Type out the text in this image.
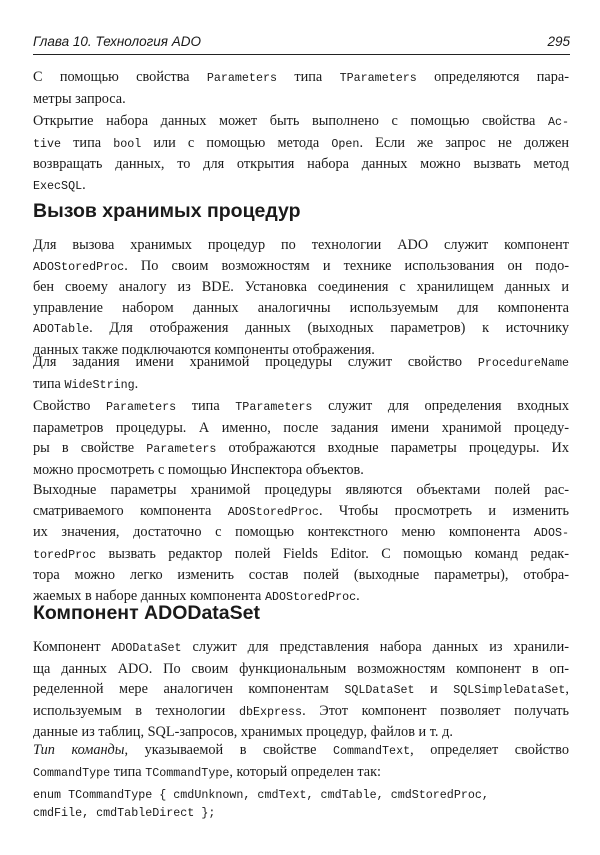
Глава 10. Технология ADO	295
С помощью свойства Parameters типа TParameters определяются пара-
метры запроса.
Открытие набора данных может быть выполнено с помощью свойства Ac-
tive типа bool или с помощью метода Open. Если же запрос не должен
возвращать данных, то для открытия набора данных можно вызвать метод
ExecSQL.
Вызов хранимых процедур
Для вызова хранимых процедур по технологии ADO служит компонент
ADOStoredProc. По своим возможностям и технике использования он подо-
бен своему аналогу из BDE. Установка соединения с хранилищем данных и
управление набором данных аналогичны используемым для компонента
ADOTable. Для отображения данных (выходных параметров) к источнику
данных также подключаются компоненты отображения.
Для задания имени хранимой процедуры служит свойство ProcedureName
типа WideString.
Свойство Parameters типа TParameters служит для определения входных
параметров процедуры. А именно, после задания имени хранимой процеду-
ры в свойстве Parameters отображаются входные параметры процедуры. Их
можно просмотреть с помощью Инспектора объектов.
Выходные параметры хранимой процедуры являются объектами полей рас-
сматриваемого компонента ADOStoredProc. Чтобы просмотреть и изменить
их значения, достаточно с помощью контекстного меню компонента ADOS-
toredProc вызвать редактор полей Fields Editor. С помощью команд редак-
тора можно легко изменить состав полей (выходные параметры), отобра-
жаемых в наборе данных компонента ADOStoredProc.
Компонент ADODataSet
Компонент ADODataSet служит для представления набора данных из хранили-
ща данных ADO. По своим функциональным возможностям компонент в оп-
ределенной мере аналогичен компонентам SQLDataSet и SQLSimpleDataSet,
используемым в технологии dbExpress. Этот компонент позволяет получать
данные из таблиц, SQL-запросов, хранимых процедур, файлов и т. д.
Тип команды, указываемой в свойстве CommandText, определяет свойство
CommandType типа TCommandType, который определен так:
enum TCommandType { cmdUnknown, cmdText, cmdTable, cmdStoredProc,
cmdFile, cmdTableDirect };
